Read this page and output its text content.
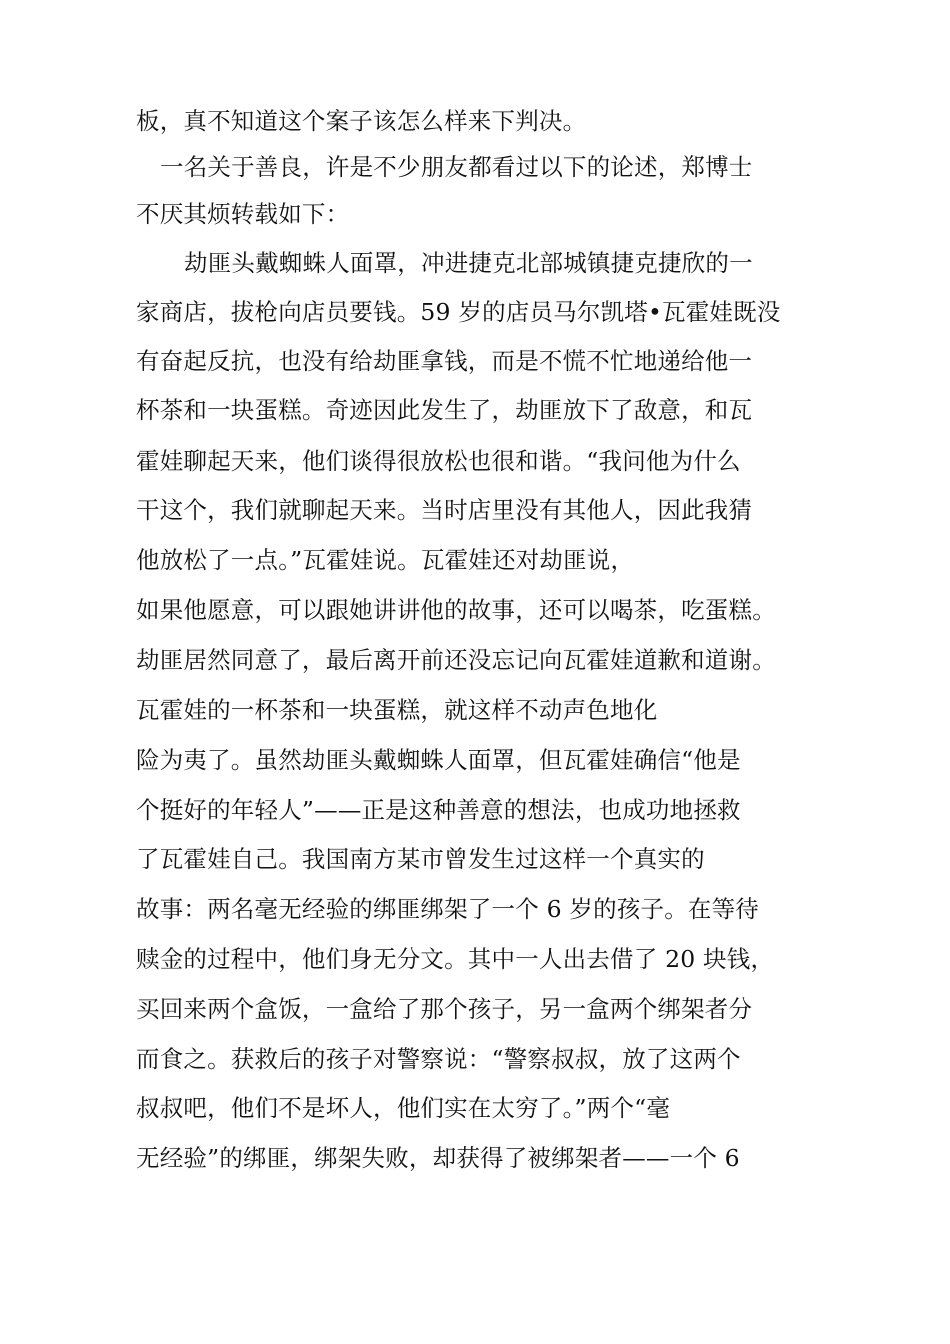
板，真不知道这个案子该怎么样来下判决。
一名关于善良，许是不少朋友都看过以下的论述，郑博士
不厌其烦转载如下：
劫匪头戴蜘蛛人面罩，冲进捷克北部城镇捷克捷欣的一
家商店，拔枪向店员要钱。59 岁的店员马尔凯塔•瓦霍娃既没
有奋起反抗，也没有给劫匪拿钱，而是不慌不忙地递给他一
杯茶和一块蛋糕。奇迹因此发生了，劫匪放下了敌意，和瓦
霍娃聊起天来，他们谈得很放松也很和谐。“我问他为什么
干这个，我们就聊起天来。当时店里没有其他人，因此我猜
他放松了一点。”瓦霍娃说。瓦霍娃还对劫匪说，
如果他愿意，可以跟她讲讲他的故事，还可以喝茶，吃蛋糕。
劫匪居然同意了，最后离开前还没忘记向瓦霍娃道歉和道谢。
瓦霍娃的一杯茶和一块蛋糕，就这样不动声色地化
险为夷了。虽然劫匪头戴蜘蛛人面罩，但瓦霍娃确信“他是
个挺好的年轻人”——正是这种善意的想法，也成功地拯救
了瓦霍娃自己。我国南方某市曾发生过这样一个真实的
故事：两名毫无经验的绑匪绑架了一个 6 岁的孩子。在等待
赎金的过程中，他们身无分文。其中一人出去借了 20 块钱，
买回来两个盒饭，一盒给了那个孩子，另一盒两个绑架者分
而食之。获救后的孩子对警察说：“警察叔叔，放了这两个
叔叔吧，他们不是坏人，他们实在太穷了。”两个“毫
无经验”的绑匪，绑架失败，却获得了被绑架者——一个 6
